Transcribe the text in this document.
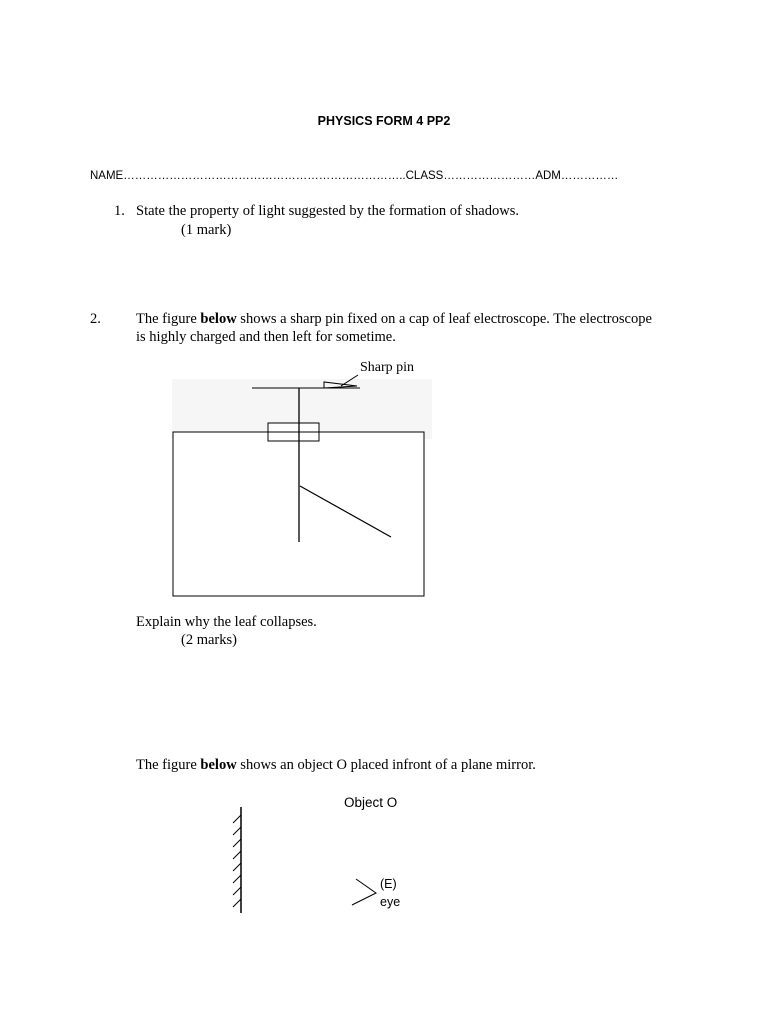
PHYSICS FORM 4 PP2
NAME………………………………………………………………..CLASS……………………ADM……………
1. State the property of light suggested by the formation of shadows.
(1 mark)
2. The figure below shows a sharp pin fixed on a cap of leaf electroscope. The electroscope
is highly charged and then left for sometime.
Sharp pin
Explain why the leaf collapses.
(2 marks)
The figure below shows an object O placed infront of a plane mirror.
Object O
(E)
eye
